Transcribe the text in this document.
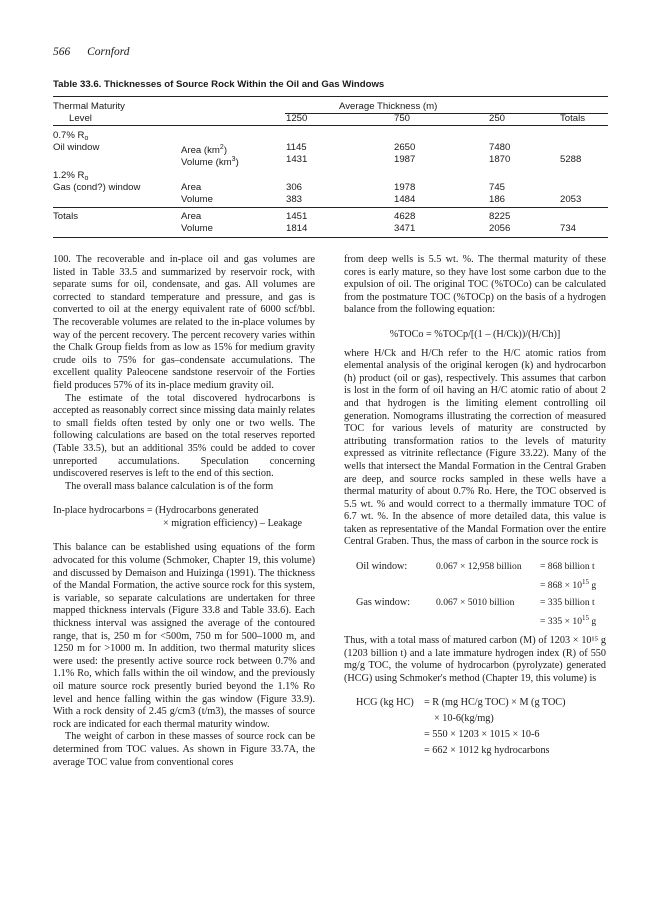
566 Cornford
Table 33.6. Thicknesses of Source Rock Within the Oil and Gas Windows
Thermal Maturity	Average Thickness (m)
Level	1250	750	250	Totals
0.7% $R_o$
Oil window	Area $(km^2)$	1145	2650	7480
Volume $(km^3)$	1431	1987	1870	5288
1.2% $R_o$
Gas (cond?) window	Area	306	1978	745
Volume	383	1484	186	2053
Totals	Area	1451	4628	8225
Volume	1814	3471	2056	734

100. The recoverable and in-place oil and gas volumes are listed in Table 33.5 and summarized by reservoir rock, with separate sums for oil, condensate, and gas. All volumes are corrected to standard temperature and pressure, and gas is converted to oil at the energy equivalent rate of 6000 scf/bbl. The recoverable volumes are related to the in-place volumes by way of the percent recovery. The percent recovery varies within the Chalk Group fields from as low as 15% for medium gravity crude oils to 75% for gas–condensate accumulations. The excellent quality Paleocene sandstone reservoir of the Forties field produces 57% of its in-place medium gravity oil.

The estimate of the total discovered hydrocarbons is accepted as reasonably correct since missing data mainly relates to small fields often tested by only one or two wells. The following calculations are based on the total reserves reported (Table 33.5), but an additional 35% could be added to cover unreported accumulations. Speculation concerning undiscovered reserves is left to the end of this section.

The overall mass balance calculation is of the form

In-place hydrocarbons = (Hydrocarbons generated

× migration efficiency) – Leakage

This balance can be established using equations of the form advocated for this volume (Schmoker, Chapter 19, this volume) and discussed by Demaison and Huizinga (1991). The thickness of the Mandal Formation, the active source rock for this system, is variable, so separate calculations are undertaken for three mapped thickness intervals (Figure 33.8 and Table 33.6). Each thickness interval was assigned the average of the contoured range, that is, 250 m for <500m, 750 m for 500–1000 m, and 1250 m for >1000 m. In addition, two thermal maturity slices were used: the presently active source rock between 0.7% and 1.1% Ro, which falls within the oil window, and the previously oil mature source rock presently buried beyond the 1.1% Ro level and hence falling within the gas window (Figure 33.9). With a rock density of 2.45 g/cm3 (t/m3), the masses of source rock are indicated for each thermal maturity window.

The weight of carbon in these masses of source rock can be determined from TOC values. As shown in Figure 33.7A, the average TOC value from conventional cores

from deep wells is 5.5 wt. %. The thermal maturity of these cores is early mature, so they have lost some carbon due to the expulsion of oil. The original TOC (%TOCo) can be calculated from the postmature TOC (%TOCp) on the basis of a hydrogen balance from the following equation:

%TOCo = %TOCp/[(1 – (H/Ck))/(H/Ch)]

where H/Ck and H/Ch refer to the H/C atomic ratios from elemental analysis of the original kerogen (k) and hydrocarbon (h) product (oil or gas), respectively. This assumes that carbon is lost in the form of oil having an H/C atomic ratio of about 2 and that hydrogen is the limiting element controlling oil generation. Nomograms illustrating the correction of measured TOC for various levels of maturity are constructed by attributing transformation ratios to the levels of maturity expressed as vitrinite reflectance (Figure 33.22). Many of the wells that intersect the Mandal Formation in the Central Graben are deep, and source rocks sampled in these wells have a thermal maturity of about 0.7% Ro. Here, the TOC observed is 5.5 wt. % and would correct to a thermally immature TOC of 6.7 wt. %. In the absence of more detailed data, this value is taken as representative of the Mandal Formation over the entire Central Graben. Thus, the mass of carbon in the source rock is

Oil window:	0.067 × 12,958 billion = 868 billion t
= $868 \times 10^{15}$ g
Gas window:	0.067 × 5010 billion	= 335 billion t
= $335 \times 10^{15}$ g

Thus, with a total mass of matured carbon (M) of 1203 × 10¹⁵ g (1203 billion t) and a late immature hydrogen index (R) of 550 mg/g TOC, the volume of hydrocarbon (pyrolyzate) generated (HCG) using Schmoker's method (Chapter 19, this volume) is

HCG (kg HC) = R (mg HC/g TOC) × M (g TOC)
× 10-6(kg/mg)
= 550 × 1203 × 1015 × 10-6
= 662 × 1012 kg hydrocarbons
